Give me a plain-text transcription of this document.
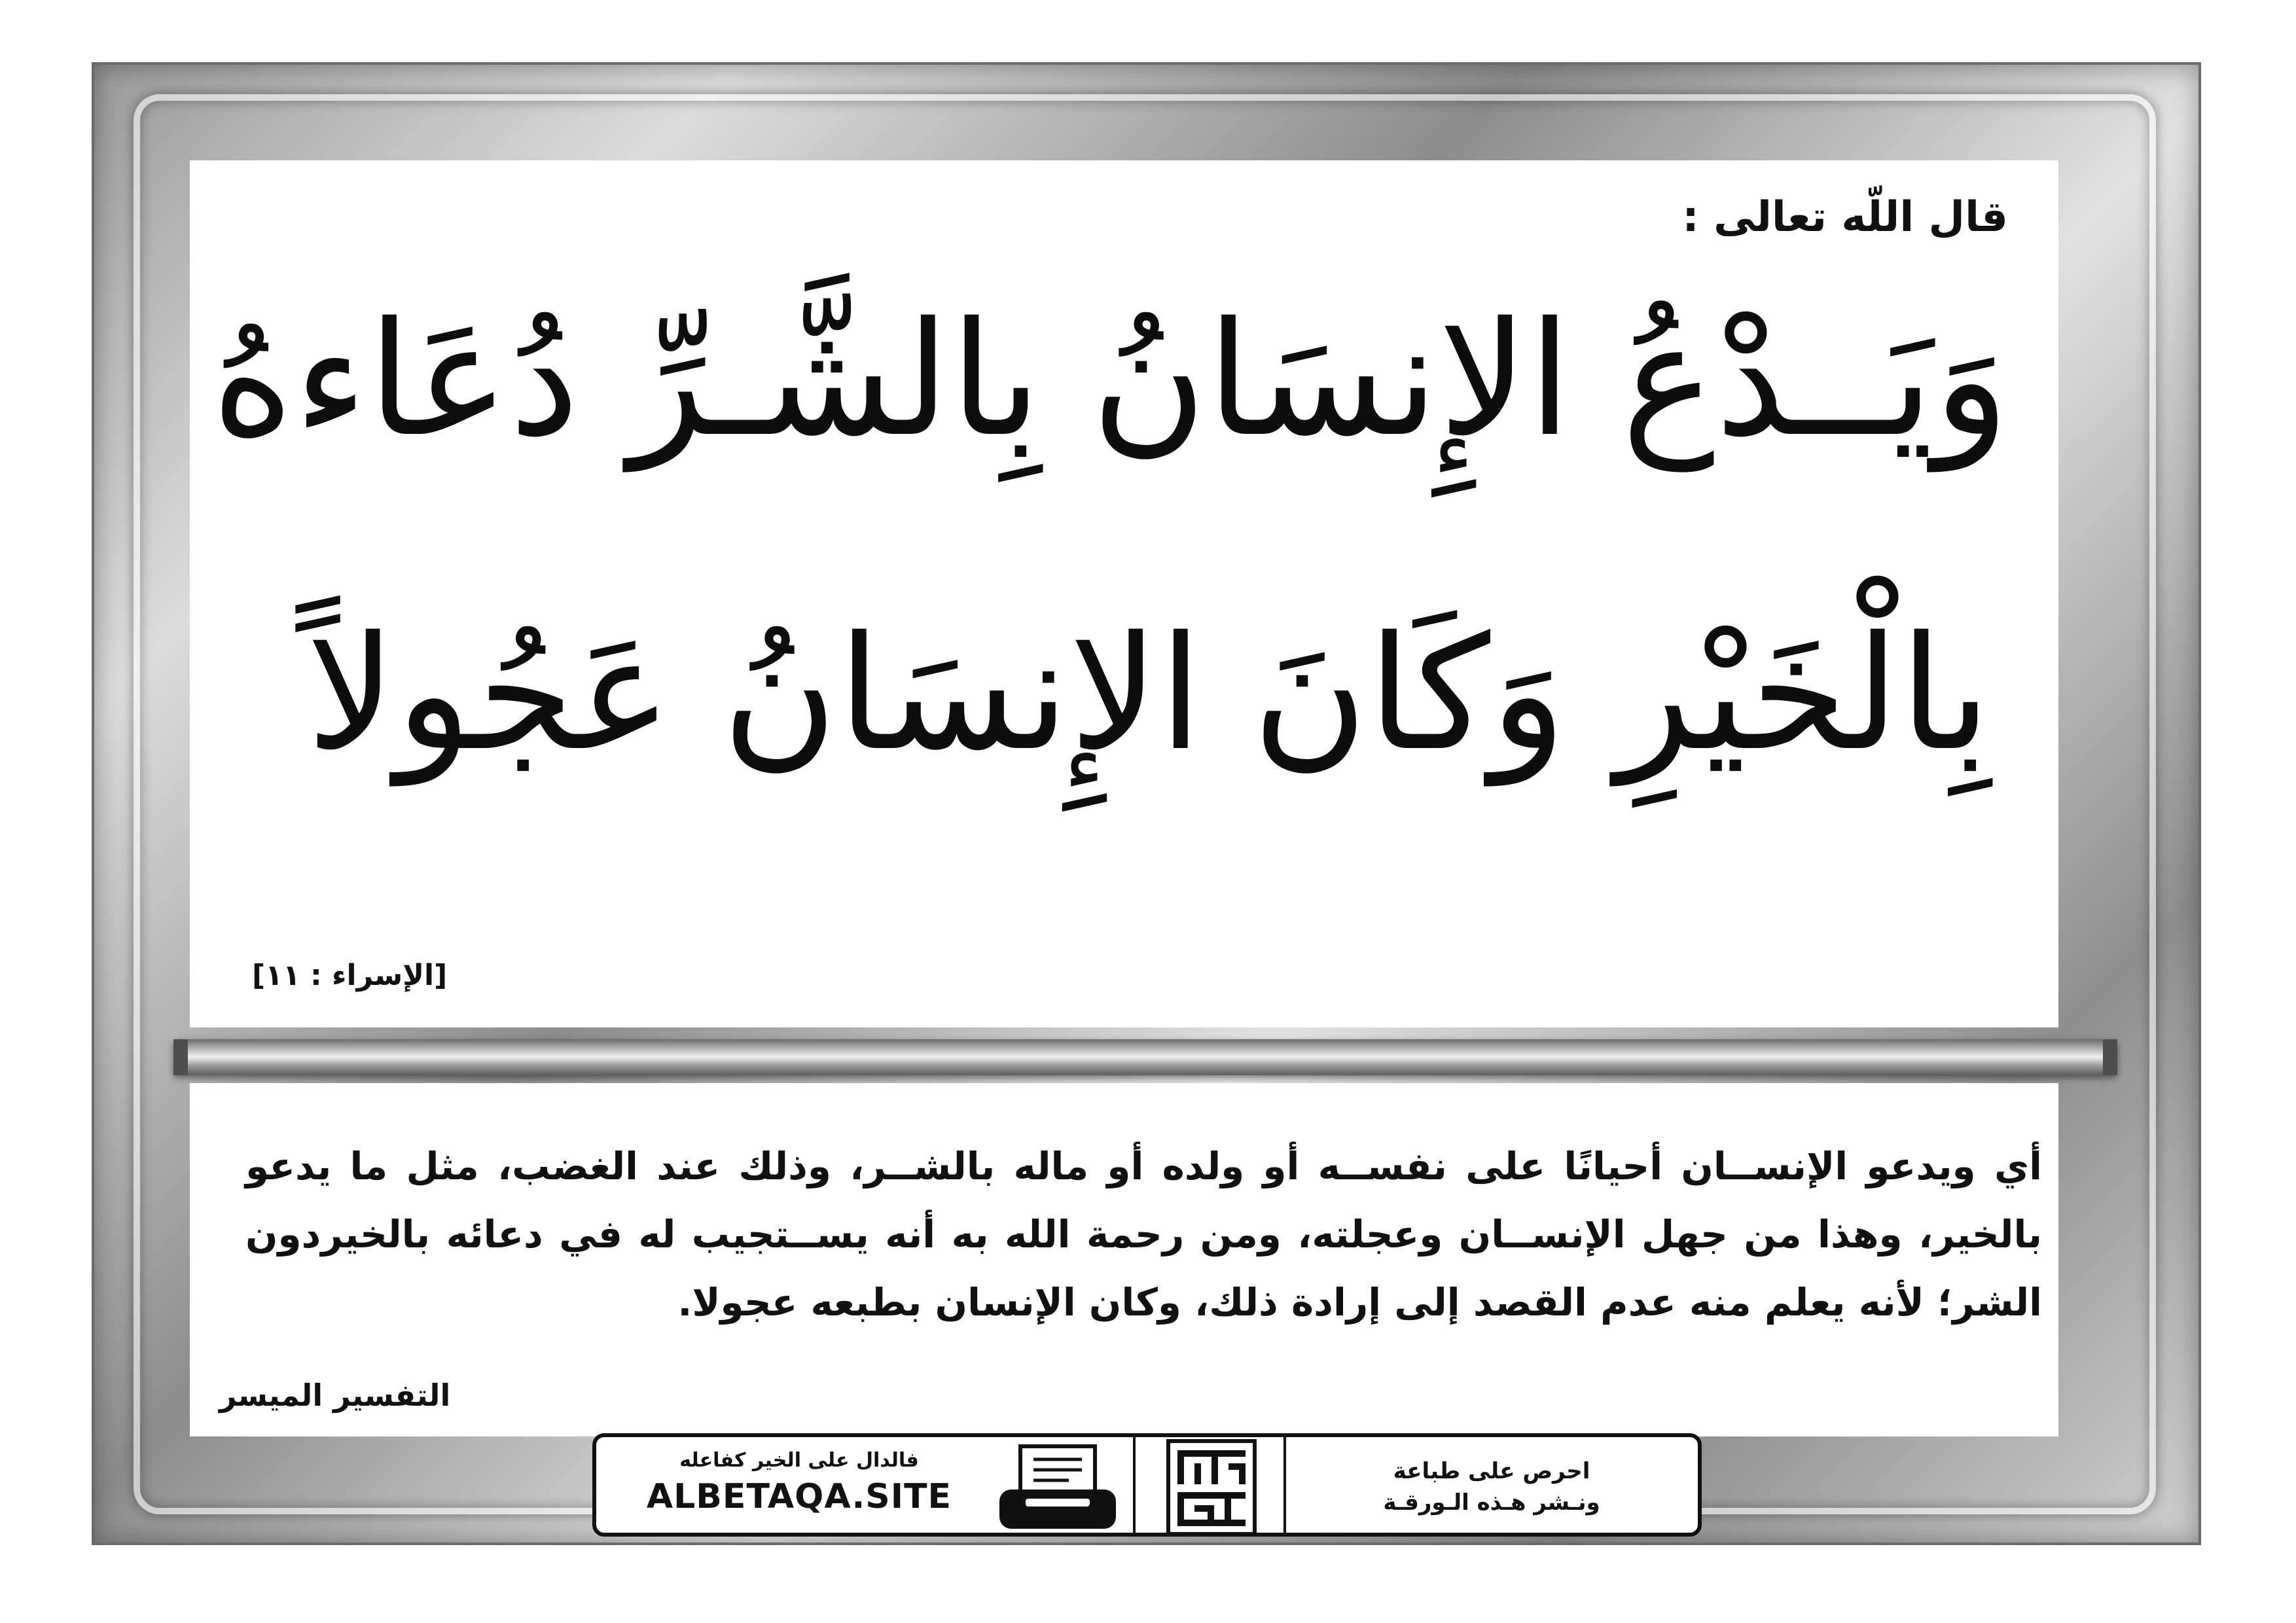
قال اللّه تعالى :
وَيَــدْعُ الإِنسَانُ بِالشَّـرِّ دُعَاءهُ
بِالْخَيْرِ وَكَانَ الإِنسَانُ عَجُولاً
[الإسراء : ١١]
أي ويدعو الإنســان أحيانًا على نفســه أو ولده أو ماله بالشــر، وذلك عند الغضب، مثل ما يدعو بالخير، وهذا من جهل الإنســان وعجلته، ومن رحمة الله به أنه يســتجيب له في دعائه بالخيردون الشر؛ لأنه يعلم منه عدم القصد إلى إرادة ذلك، وكان الإنسان بطبعه عجولا.
التفسير الميسر
فالدال على الخير كفاعله
ALBETAQA.SITE
احرص على طباعة
ونـشر هـذه الـورقـة
